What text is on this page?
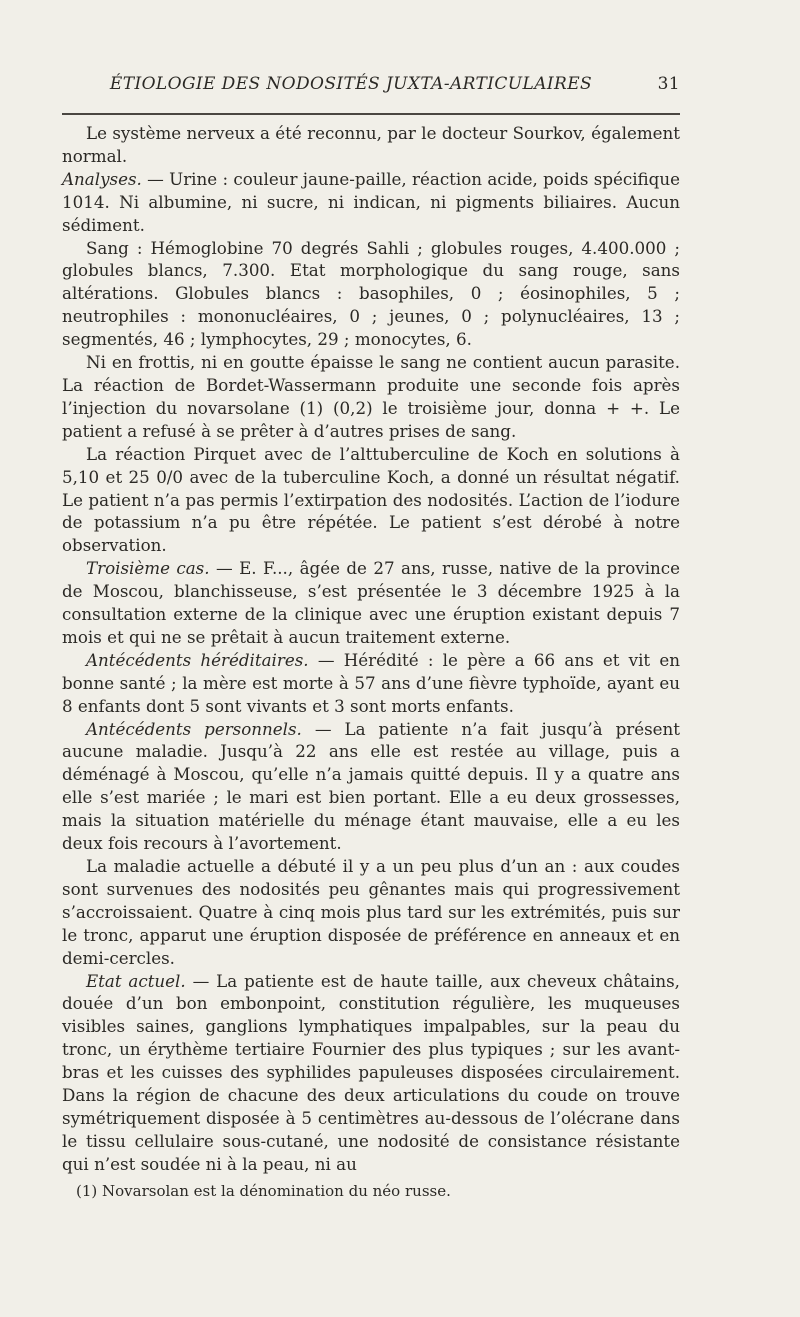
ÉTIOLOGIE DES NODOSITÉS JUXTA-ARTICULAIRES	31

Le système nerveux a été reconnu, par le docteur Sourkov, également normal.

Analyses. — Urine : couleur jaune-paille, réaction acide, poids spécifique 1014. Ni albumine, ni sucre, ni indican, ni pigments biliaires. Aucun sédiment.

Sang : Hémoglobine 70 degrés Sahli ; globules rouges, 4.400.000 ; globules blancs, 7.300. Etat morphologique du sang rouge, sans altérations. Globules blancs : basophiles, 0 ; éosinophiles, 5 ; neutrophiles : mononucléaires, 0 ; jeunes, 0 ; polynucléaires, 13 ; segmentés, 46 ; lymphocytes, 29 ; monocytes, 6.

Ni en frottis, ni en goutte épaisse le sang ne contient aucun parasite. La réaction de Bordet-Wassermann produite une seconde fois après l’injection du novarsolane (1) (0,2) le troisième jour, donna + +. Le patient a refusé à se prêter à d’autres prises de sang.

La réaction Pirquet avec de l’alttuberculine de Koch en solutions à 5,10 et 25 0/0 avec de la tuberculine Koch, a donné un résultat négatif. Le patient n’a pas permis l’extirpation des nodosités. L’action de l’iodure de potassium n’a pu être répétée. Le patient s’est dérobé à notre observation.

Troisième cas. — E. F..., âgée de 27 ans, russe, native de la province de Moscou, blanchisseuse, s’est présentée le 3 décembre 1925 à la consultation externe de la clinique avec une éruption existant depuis 7 mois et qui ne se prêtait à aucun traitement externe.

Antécédents héréditaires. — Hérédité : le père a 66 ans et vit en bonne santé ; la mère est morte à 57 ans d’une fièvre typhoïde, ayant eu 8 enfants dont 5 sont vivants et 3 sont morts enfants.

Antécédents personnels. — La patiente n’a fait jusqu’à présent aucune maladie. Jusqu’à 22 ans elle est restée au village, puis a déménagé à Moscou, qu’elle n’a jamais quitté depuis. Il y a quatre ans elle s’est mariée ; le mari est bien portant. Elle a eu deux grossesses, mais la situation matérielle du ménage étant mauvaise, elle a eu les deux fois recours à l’avortement.

La maladie actuelle a débuté il y a un peu plus d’un an : aux coudes sont survenues des nodosités peu gênantes mais qui progressivement s’accroissaient. Quatre à cinq mois plus tard sur les extrémités, puis sur le tronc, apparut une éruption disposée de préférence en anneaux et en demi-cercles.

Etat actuel. — La patiente est de haute taille, aux cheveux châtains, douée d’un bon embonpoint, constitution régulière, les muqueuses visibles saines, ganglions lymphatiques impalpables, sur la peau du tronc, un érythème tertiaire Fournier des plus typiques ; sur les avant-bras et les cuisses des syphilides papuleuses disposées circulairement. Dans la région de chacune des deux articulations du coude on trouve symétriquement disposée à 5 centimètres au-dessous de l’olécrane dans le tissu cellulaire sous-cutané, une nodosité de consistance résistante qui n’est soudée ni à la peau, ni au

(1) Novarsolan est la dénomination du néo russe.
